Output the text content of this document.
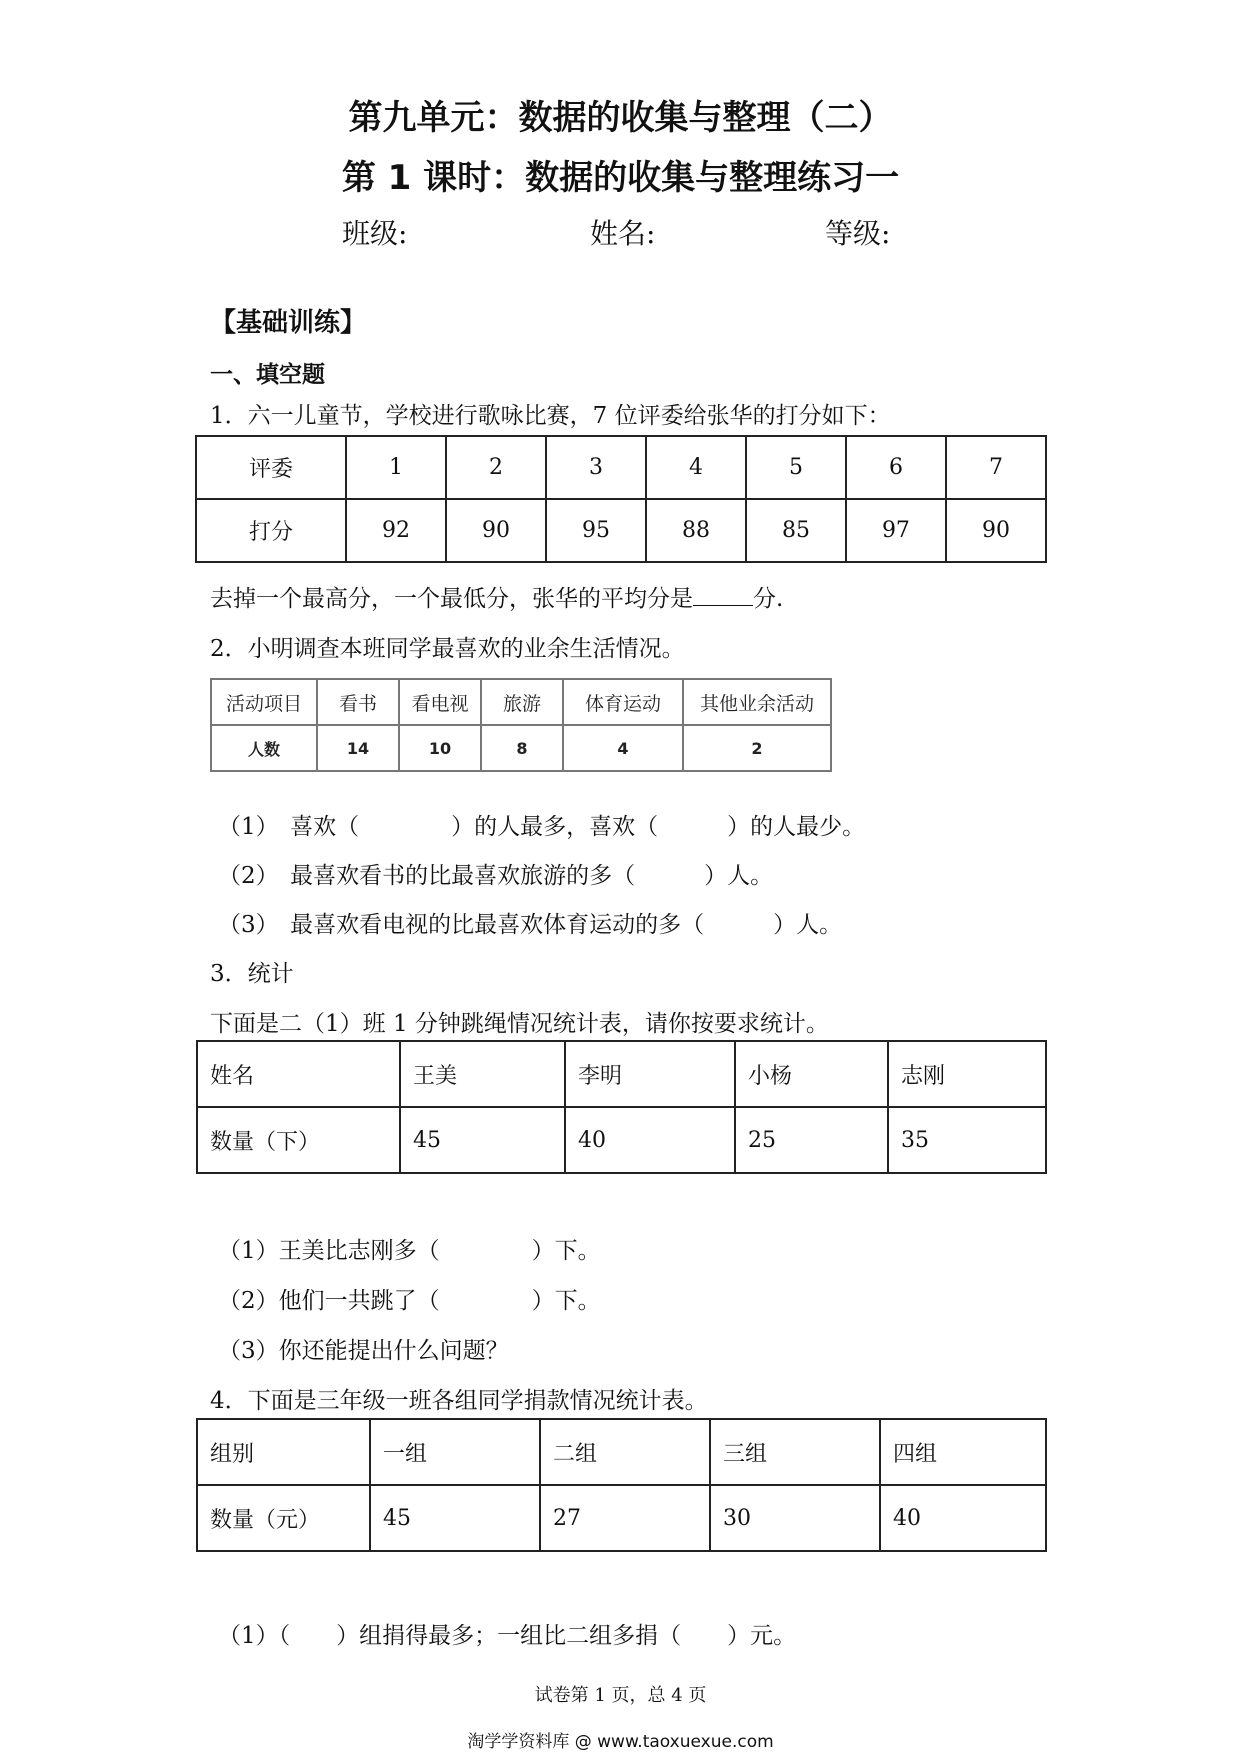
第九单元：数据的收集与整理（二）
第 1 课时：数据的收集与整理练习一
班级:	姓名:	等级:
【基础训练】
一、填空题
1．六一儿童节，学校进行歌咏比赛，7 位评委给张华的打分如下：
评委	1	2	3	4	5	6	7
打分	92	90	95	88	85	97	90
去掉一个最高分，一个最低分，张华的平均分是	分.
2．小明调查本班同学最喜欢的业余生活情况。
活动项目	看书	看电视	旅游	体育运动	其他业余活动
人数	14	10	8	4	2
（1）　喜欢（　　　　）的人最多，喜欢（　　　）的人最少。
（2）　最喜欢看书的比最喜欢旅游的多（　　　）人。
（3）　最喜欢看电视的比最喜欢体育运动的多（　　　）人。
3．统计
下面是二（1）班 1 分钟跳绳情况统计表，请你按要求统计。
姓名	王美	李明	小杨	志刚
数量（下）	45	40	25	35
（1）王美比志刚多（　　　　）下。
（2）他们一共跳了（　　　　）下。
（3）你还能提出什么问题？
4．下面是三年级一班各组同学捐款情况统计表。
组别	一组	二组	三组	四组
数量（元）	45	27	30	40
（1）（　　）组捐得最多；一组比二组多捐（　　）元。
试卷第 1 页，总 4 页
淘学学资料库 @ www.taoxuexue.com
